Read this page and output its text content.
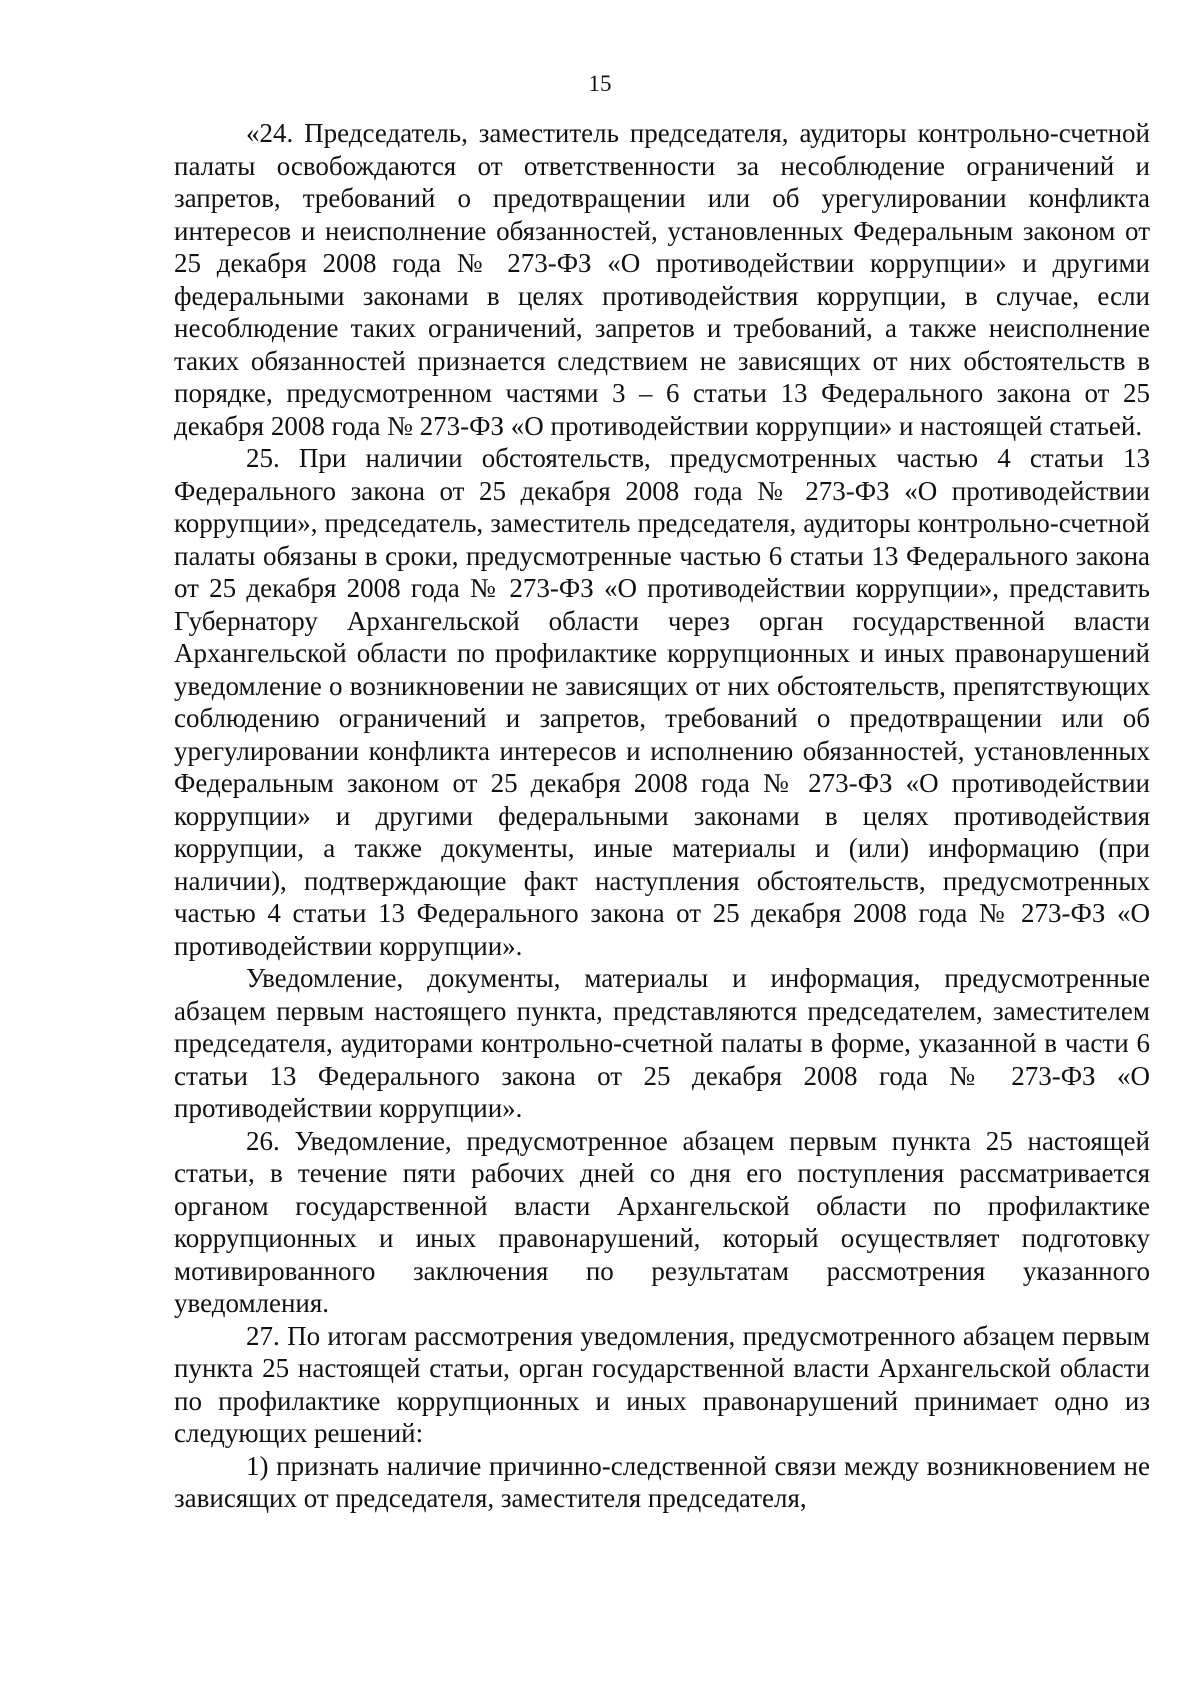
15

«24. Председатель, заместитель председателя, аудиторы контрольно-счетной палаты освобождаются от ответственности за несоблюдение ограничений и запретов, требований о предотвращении или об урегулировании конфликта интересов и неисполнение обязанностей, установленных Федеральным законом от 25 декабря 2008 года № 273-ФЗ «О противодействии коррупции» и другими федеральными законами в целях противодействия коррупции, в случае, если несоблюдение таких ограничений, запретов и требований, а также неисполнение таких обязанностей признается следствием не зависящих от них обстоятельств в порядке, предусмотренном частями 3 – 6 статьи 13 Федерального закона от 25 декабря 2008 года № 273-ФЗ «О противодействии коррупции» и настоящей статьей.

25. При наличии обстоятельств, предусмотренных частью 4 статьи 13 Федерального закона от 25 декабря 2008 года № 273-ФЗ «О противодействии коррупции», председатель, заместитель председателя, аудиторы контрольно-счетной палаты обязаны в сроки, предусмотренные частью 6 статьи 13 Федерального закона от 25 декабря 2008 года № 273-ФЗ «О противодействии коррупции», представить Губернатору Архангельской области через орган государственной власти Архангельской области по профилактике коррупционных и иных правонарушений уведомление о возникновении не зависящих от них обстоятельств, препятствующих соблюдению ограничений и запретов, требований о предотвращении или об урегулировании конфликта интересов и исполнению обязанностей, установленных Федеральным законом от 25 декабря 2008 года № 273-ФЗ «О противодействии коррупции» и другими федеральными законами в целях противодействия коррупции, а также документы, иные материалы и (или) информацию (при наличии), подтверждающие факт наступления обстоятельств, предусмотренных частью 4 статьи 13 Федерального закона от 25 декабря 2008 года № 273-ФЗ «О противодействии коррупции».

Уведомление, документы, материалы и информация, предусмотренные абзацем первым настоящего пункта, представляются председателем, заместителем председателя, аудиторами контрольно-счетной палаты в форме, указанной в части 6 статьи 13 Федерального закона от 25 декабря 2008 года № 273-ФЗ «О противодействии коррупции».

26. Уведомление, предусмотренное абзацем первым пункта 25 настоящей статьи, в течение пяти рабочих дней со дня его поступления рассматривается органом государственной власти Архангельской области по профилактике коррупционных и иных правонарушений, который осуществляет подготовку мотивированного заключения по результатам рассмотрения указанного уведомления.

27. По итогам рассмотрения уведомления, предусмотренного абзацем первым пункта 25 настоящей статьи, орган государственной власти Архангельской области по профилактике коррупционных и иных правонарушений принимает одно из следующих решений:

1) признать наличие причинно-следственной связи между возникновением не зависящих от председателя, заместителя председателя,
